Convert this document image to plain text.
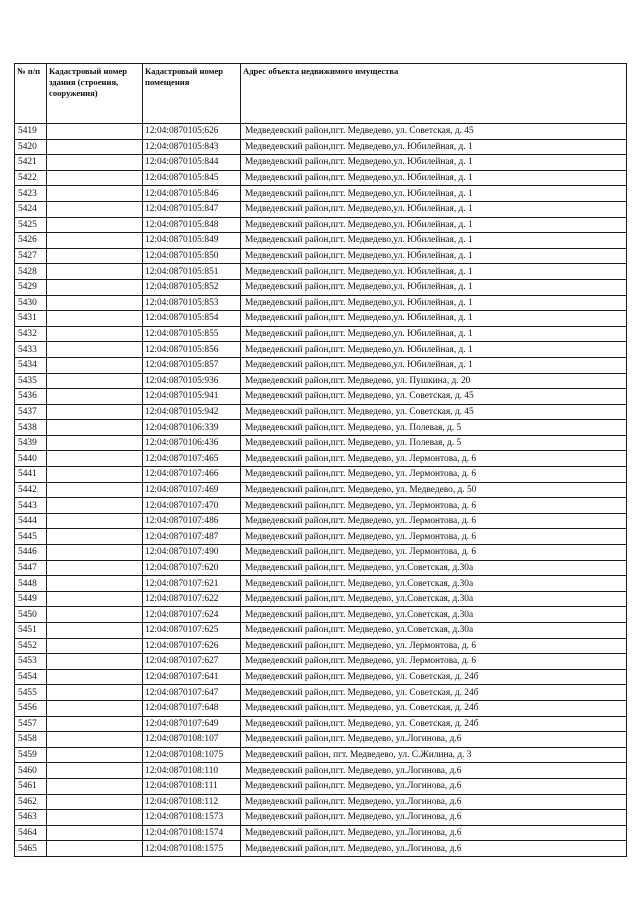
№ п/п	Кадастровый номер здания (строения, сооружения)	Кадастровый номер помещения	Адрес объекта недвижимого имущества
5419		12:04:0870105:626	Медведевский район,пгт. Медведево, ул. Советская, д. 45
5420		12:04:0870105:843	Медведевский район,пгт. Медведево,ул. Юбилейная, д. 1
5421		12:04:0870105:844	Медведевский район,пгт. Медведево,ул. Юбилейная, д. 1
5422		12:04:0870105:845	Медведевский район,пгт. Медведево,ул. Юбилейная, д. 1
5423		12:04:0870105:846	Медведевский район,пгт. Медведево,ул. Юбилейная, д. 1
5424		12:04:0870105:847	Медведевский район,пгт. Медведево,ул. Юбилейная, д. 1
5425		12:04:0870105:848	Медведевский район,пгт. Медведево,ул. Юбилейная, д. 1
5426		12:04:0870105:849	Медведевский район,пгт. Медведево,ул. Юбилейная, д. 1
5427		12:04:0870105:850	Медведевский район,пгт. Медведево,ул. Юбилейная, д. 1
5428		12:04:0870105:851	Медведевский район,пгт. Медведево,ул. Юбилейная, д. 1
5429		12:04:0870105:852	Медведевский район,пгт. Медведево,ул. Юбилейная, д. 1
5430		12:04:0870105:853	Медведевский район,пгт. Медведево,ул. Юбилейная, д. 1
5431		12:04:0870105:854	Медведевский район,пгт. Медведево,ул. Юбилейная, д. 1
5432		12:04:0870105:855	Медведевский район,пгт. Медведево,ул. Юбилейная, д. 1
5433		12:04:0870105:856	Медведевский район,пгт. Медведево,ул. Юбилейная, д. 1
5434		12:04:0870105:857	Медведевский район,пгт. Медведево,ул. Юбилейная, д. 1
5435		12:04:0870105:936	Медведевский район,пгт. Медведево, ул. Пушкина, д. 20
5436		12:04:0870105:941	Медведевский район,пгт. Медведево, ул. Советская, д. 45
5437		12:04:0870105:942	Медведевский район,пгт. Медведево, ул. Советская, д. 45
5438		12:04:0870106:339	Медведевский район,пгт. Медведево, ул. Полевая, д. 5
5439		12:04:0870106:436	Медведевский район,пгт. Медведево, ул. Полевая, д. 5
5440		12:04:0870107:465	Медведевский район,пгт. Медведево, ул. Лермонтова, д. 6
5441		12:04:0870107:466	Медведевский район,пгт. Медведево, ул. Лермонтова, д. 6
5442		12:04:0870107:469	Медведевский район,пгт. Медведево, ул. Медведево, д. 50
5443		12:04:0870107:470	Медведевский район,пгт. Медведево, ул. Лермонтова, д. 6
5444		12:04:0870107:486	Медведевский район,пгт. Медведево, ул. Лермонтова, д. 6
5445		12:04:0870107:487	Медведевский район,пгт. Медведево, ул. Лермонтова, д. 6
5446		12:04:0870107:490	Медведевский район,пгт. Медведево, ул. Лермонтова, д. 6
5447		12:04:0870107:620	Медведевский район,пгт. Медведево, ул.Советская, д.30а
5448		12:04:0870107:621	Медведевский район,пгт. Медведево, ул.Советская, д.30а
5449		12:04:0870107:622	Медведевский район,пгт. Медведево, ул.Советская, д.30а
5450		12:04:0870107:624	Медведевский район,пгт. Медведево, ул.Советская, д.30а
5451		12:04:0870107:625	Медведевский район,пгт. Медведево, ул.Советская, д.30а
5452		12:04:0870107:626	Медведевский район,пгт. Медведево, ул. Лермонтова, д. 6
5453		12:04:0870107:627	Медведевский район,пгт. Медведево, ул. Лермонтова, д. 6
5454		12:04:0870107:641	Медведевский район,пгт. Медведево, ул. Советская, д. 24б
5455		12:04:0870107:647	Медведевский район,пгт. Медведево, ул. Советская, д. 24б
5456		12:04:0870107:648	Медведевский район,пгт. Медведево, ул. Советская, д. 24б
5457		12:04:0870107:649	Медведевский район,пгт. Медведево, ул. Советская, д. 24б
5458		12:04:0870108:107	Медведевский район,пгт. Медведево, ул.Логинова, д.6
5459		12:04:0870108:1075	Медведевский район, пгт. Медведево, ул. С.Жилина, д. 3
5460		12:04:0870108:110	Медведевский район,пгт. Медведево, ул.Логинова, д.6
5461		12:04:0870108:111	Медведевский район,пгт. Медведево, ул.Логинова, д.6
5462		12:04:0870108:112	Медведевский район,пгт. Медведево, ул.Логинова, д.6
5463		12:04:0870108:1573	Медведевский район,пгт. Медведево, ул.Логинова, д.6
5464		12:04:0870108:1574	Медведевский район,пгт. Медведево, ул.Логинова, д.6
5465		12:04:0870108:1575	Медведевский район,пгт. Медведево, ул.Логинова, д.6
